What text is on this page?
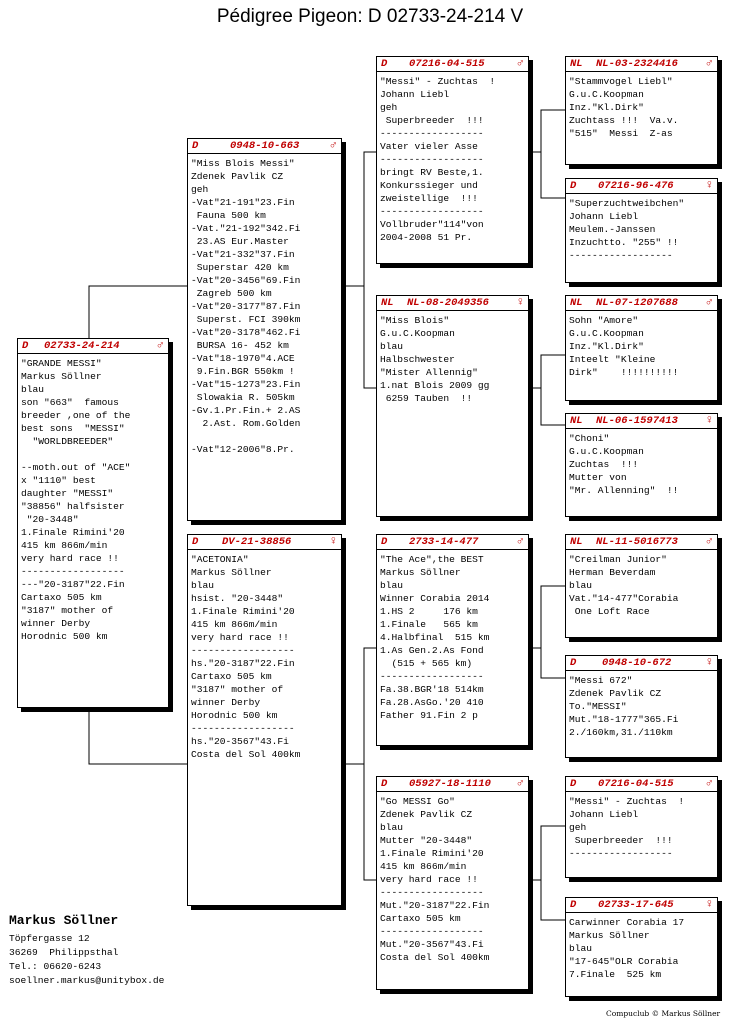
Pédigree Pigeon: D 02733-24-214 V
D 02733-24-214	♂
"GRANDE MESSI"
Markus Söllner
blau
son "663"  famous
breeder ,one of the
best sons  "MESSI"
"WORLDBREEDER"
--moth.out of "ACE"
x "1110" best
daughter "MESSI"
"38856" halfsister
"20-3448"
1.Finale Rimini'20
415 km 866m/min
very hard race !!
------------------
---"20-3187"22.Fin
Cartaxo 505 km
"3187" mother of
winner Derby
Horodnic 500 km
D	0948-10-663	♂
"Miss Blois Messi"
Zdenek Pavlik CZ
geh
-Vat"21-191"23.Fin
Fauna 500 km
-Vat."21-192"342.Fi
23.AS Eur.Master
-Vat"21-332"37.Fin
Superstar 420 km
-Vat"20-3456"69.Fin
Zagreb 500 km
-Vat"20-3177"87.Fin
Superst. FCI 390km
-Vat"20-3178"462.Fi
BURSA 16- 452 km
-Vat"18-1970"4.ACE
9.Fin.BGR 550km !
-Vat"15-1273"23.Fin
Slowakia R. 505km
-Gv.1.Pr.Fin.+ 2.AS
2.Ast. Rom.Golden
-Vat"12-2006"8.Pr.
D DV-21-38856	♀
"ACETONIA"
Markus Söllner
blau
hsist. "20-3448"
1.Finale Rimini'20
415 km 866m/min
very hard race !!
------------------
hs."20-3187"22.Fin
Cartaxo 505 km
"3187" mother of
winner Derby
Horodnic 500 km
------------------
hs."20-3567"43.Fi
Costa del Sol 400km
D 07216-04-515	♂
"Messi" - Zuchtas  !
Johann Liebl
geh
Superbreeder  !!!
------------------
Vater vieler Asse
------------------
bringt RV Beste,1.
Konkurssieger und
zweistellige  !!!
------------------
Vollbruder"114"von
2004-2008 51 Pr.
NL NL-08-2049356 ♀
"Miss Blois"
G.u.C.Koopman
blau
Halbschwester
"Mister Allennig"
1.nat Blois 2009 gg
6259 Tauben  !!
D 2733-14-477	♂
"The Ace",the BEST
Markus Söllner
blau
Winner Corabia 2014
1.HS 2     176 km
1.Finale   565 km
4.Halbfinal  515 km
1.As Gen.2.As Fond
(515 + 565 km)
------------------
Fa.38.BGR'18 514km
Fa.28.AsGo.'20 410
Father 91.Fin 2 p
D 05927-18-1110 ♂
"Go MESSI Go"
Zdenek Pavlik CZ
blau
Mutter "20-3448"
1.Finale Rimini'20
415 km 866m/min
very hard race !!
------------------
Mut."20-3187"22.Fin
Cartaxo 505 km
------------------
Mut."20-3567"43.Fi
Costa del Sol 400km
NL NL-03-2324416 ♂
"Stammvogel Liebl"
G.u.C.Koopman
Inz."Kl.Dirk"
Zuchtass !!!  Va.v.
"515"  Messi  Z-as
D 07216-96-476	♀
"Superzuchtweibchen"
Johann Liebl
Meulem.-Janssen
Inzuchtto. "255" !!
------------------
NL NL-07-1207688 ♂
Sohn "Amore"
G.u.C.Koopman
Inz."Kl.Dirk"
Inteelt "Kleine
Dirk"    !!!!!!!!!!
NL NL-06-1597413 ♀
"Choni"
G.u.C.Koopman
Zuchtas  !!!
Mutter von
"Mr. Allenning"  !!
NL NL-11-5016773 ♂
"Creilman Junior"
Herman Beverdam
blau
Vat."14-477"Corabia
One Loft Race
D 0948-10-672	♀
"Messi 672"
Zdenek Pavlik CZ
To."MESSI"
Mut."18-1777"365.Fi
2./160km,31./110km
D 07216-04-515	♂
"Messi" - Zuchtas  !
Johann Liebl
geh
Superbreeder  !!!
------------------
D 02733-17-645	♀
Carwinner Corabia 17
Markus Söllner
blau
"17-645"OLR Corabia
7.Finale  525 km
Markus Söllner
Töpfergasse 12
36269  Philippsthal
Tel.: 06620-6243
soellner.markus@unitybox.de
Compuclub © Markus Söllner
